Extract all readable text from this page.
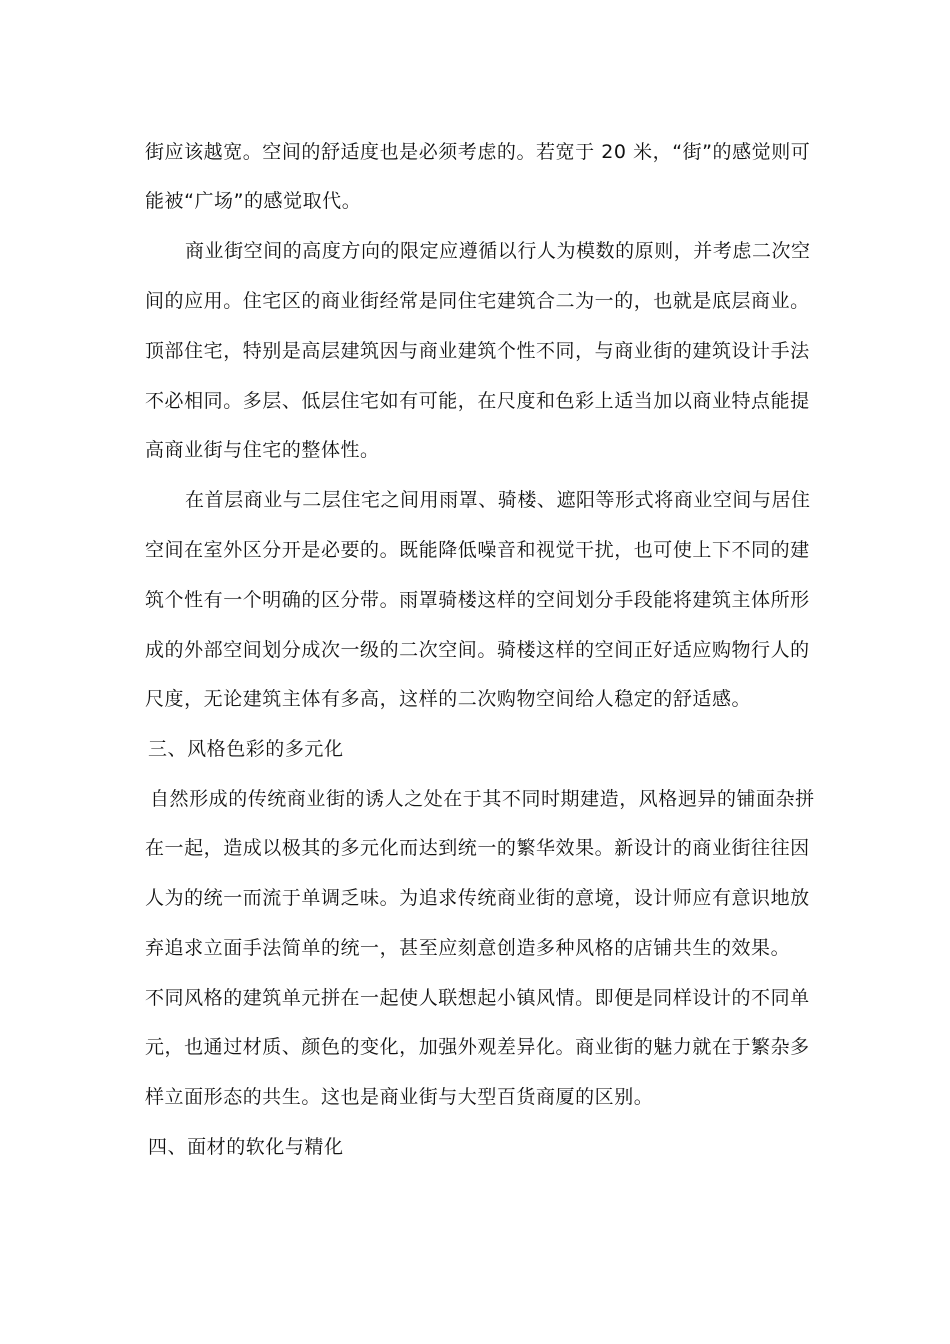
街应该越宽。空间的舒适度也是必须考虑的。若宽于 20 米，“街”的感觉则可
能被“广场”的感觉取代。
商业街空间的高度方向的限定应遵循以行人为模数的原则，并考虑二次空
间的应用。住宅区的商业街经常是同住宅建筑合二为一的，也就是底层商业。
顶部住宅，特别是高层建筑因与商业建筑个性不同，与商业街的建筑设计手法
不必相同。多层、低层住宅如有可能，在尺度和色彩上适当加以商业特点能提
高商业街与住宅的整体性。
在首层商业与二层住宅之间用雨罩、骑楼、遮阳等形式将商业空间与居住
空间在室外区分开是必要的。既能降低噪音和视觉干扰，也可使上下不同的建
筑个性有一个明确的区分带。雨罩骑楼这样的空间划分手段能将建筑主体所形
成的外部空间划分成次一级的二次空间。骑楼这样的空间正好适应购物行人的
尺度，无论建筑主体有多高，这样的二次购物空间给人稳定的舒适感。
三、风格色彩的多元化
自然形成的传统商业街的诱人之处在于其不同时期建造，风格迥异的铺面杂拼
在一起，造成以极其的多元化而达到统一的繁华效果。新设计的商业街往往因
人为的统一而流于单调乏味。为追求传统商业街的意境，设计师应有意识地放
弃追求立面手法简单的统一，甚至应刻意创造多种风格的店铺共生的效果。
不同风格的建筑单元拼在一起使人联想起小镇风情。即便是同样设计的不同单
元，也通过材质、颜色的变化，加强外观差异化。商业街的魅力就在于繁杂多
样立面形态的共生。这也是商业街与大型百货商厦的区别。
四、面材的软化与精化
